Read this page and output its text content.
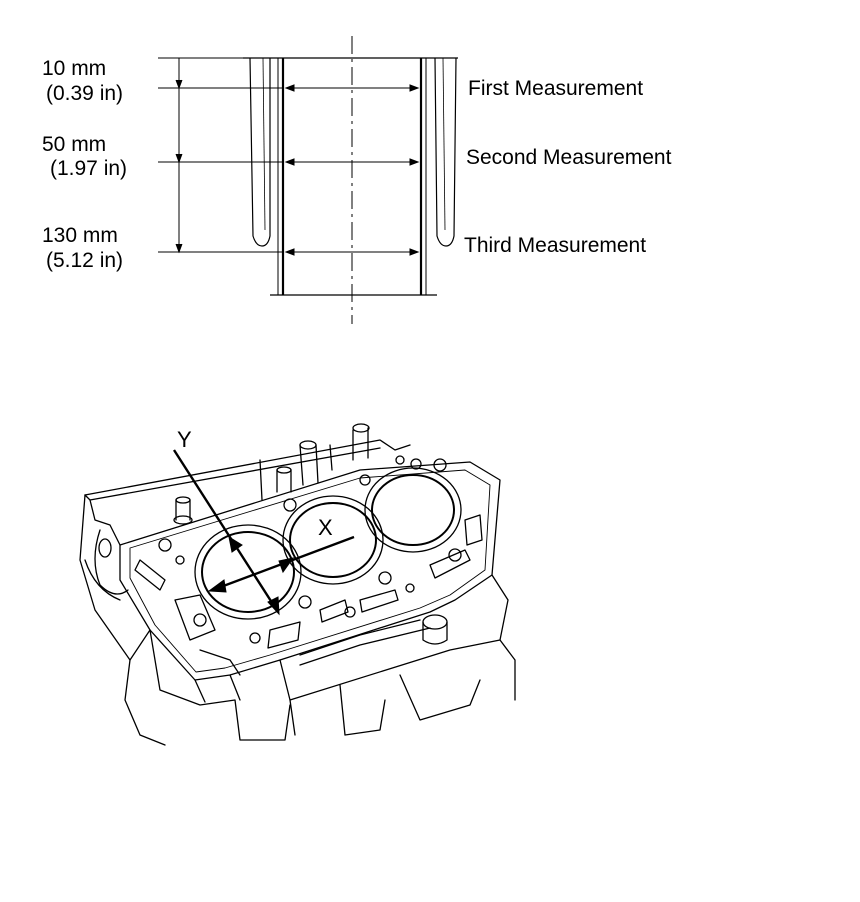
10 mm
(0.39 in)
50 mm
(1.97 in)
130 mm
(5.12 in)
First Measurement
Second Measurement
Third Measurement
Y
X
